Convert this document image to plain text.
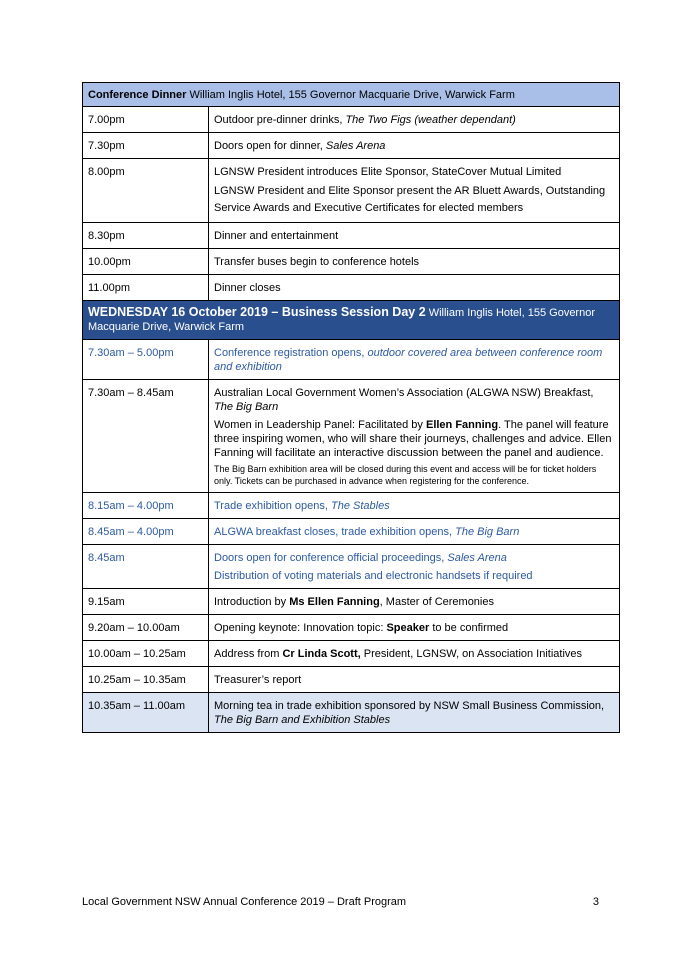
Conference Dinner William Inglis Hotel, 155 Governor Macquarie Drive, Warwick Farm	
7.00pm	Outdoor pre-dinner drinks, The Two Figs (weather dependant)
7.30pm	Doors open for dinner, Sales Arena
8.00pm	LGNSW President introduces Elite Sponsor, StateCover Mutual Limited

LGNSW President and Elite Sponsor present the AR Bluett Awards, Outstanding Service Awards and Executive Certificates for elected members

8.30pm	Dinner and entertainment
10.00pm	Transfer buses begin to conference hotels
11.00pm	Dinner closes
WEDNESDAY 16 October 2019 – Business Session Day 2 William Inglis Hotel, 155 Governor Macquarie Drive, Warwick Farm	
7.30am – 5.00pm	Conference registration opens, outdoor covered area between conference room and exhibition
7.30am – 8.45am	Australian Local Government Women’s Association (ALGWA NSW) Breakfast, The Big Barn

Women in Leadership Panel: Facilitated by Ellen Fanning. The panel will feature three inspiring women, who will share their journeys, challenges and advice. Ellen Fanning will facilitate an interactive discussion between the panel and audience.

The Big Barn exhibition area will be closed during this event and access will be for ticket holders only. Tickets can be purchased in advance when registering for the conference.

8.15am – 4.00pm	Trade exhibition opens, The Stables
8.45am – 4.00pm	ALGWA breakfast closes, trade exhibition opens, The Big Barn
8.45am	Doors open for conference official proceedings, Sales Arena

Distribution of voting materials and electronic handsets if required

9.15am	Introduction by Ms Ellen Fanning, Master of Ceremonies
9.20am – 10.00am	Opening keynote: Innovation topic: Speaker to be confirmed
10.00am – 10.25am	Address from Cr Linda Scott, President, LGNSW, on Association Initiatives
10.25am – 10.35am	Treasurer’s report
10.35am – 11.00am	Morning tea in trade exhibition sponsored by NSW Small Business Commission, The Big Barn and Exhibition Stables
Local Government NSW Annual Conference 2019 – Draft Program	3
